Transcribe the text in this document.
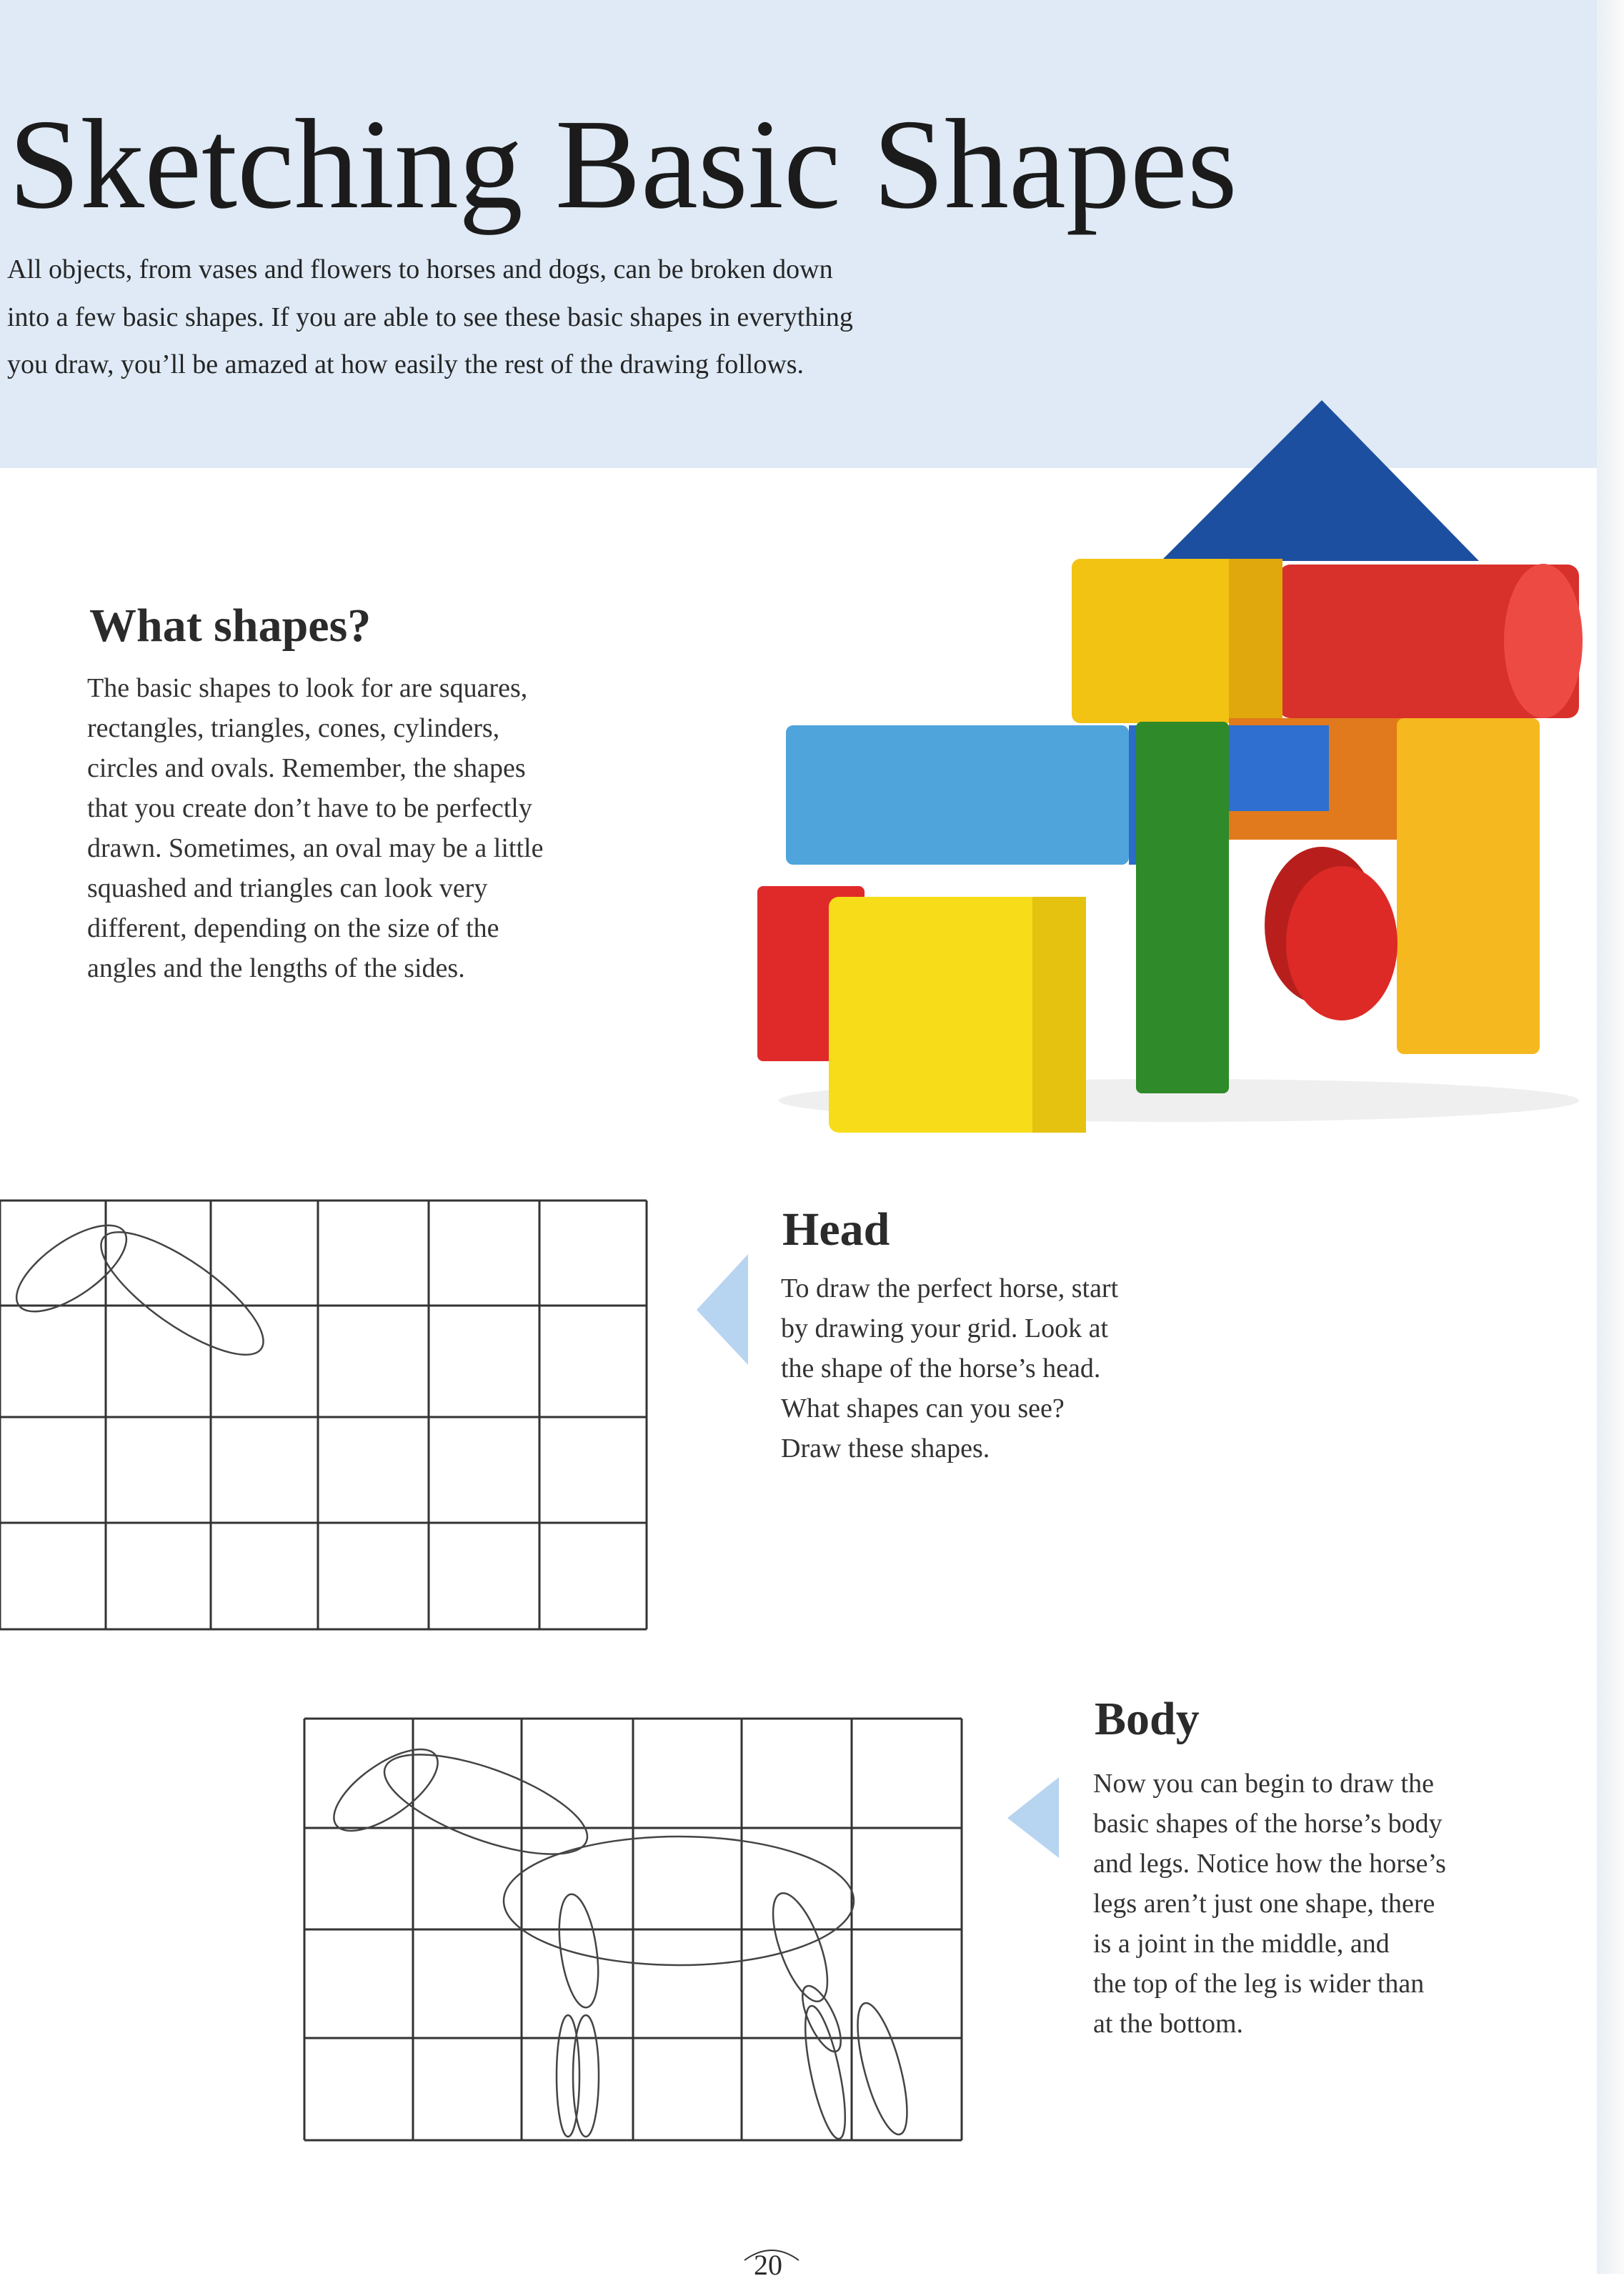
Sketching Basic Shapes
All objects, from vases and flowers to horses and dogs, can be broken down
into a few basic shapes. If you are able to see these basic shapes in everything
you draw, you’ll be amazed at how easily the rest of the drawing follows.
What shapes?
The basic shapes to look for are squares,
rectangles, triangles, cones, cylinders,
circles and ovals. Remember, the shapes
that you create don’t have to be perfectly
drawn. Sometimes, an oval may be a little
squashed and triangles can look very
different, depending on the size of the
angles and the lengths of the sides.
Head
To draw the perfect horse, start
by drawing your grid. Look at
the shape of the horse’s head.
What shapes can you see?
Draw these shapes.
Body
Now you can begin to draw the
basic shapes of the horse’s body
and legs. Notice how the horse’s
legs aren’t just one shape, there
is a joint in the middle, and
the top of the leg is wider than
at the bottom.
20
